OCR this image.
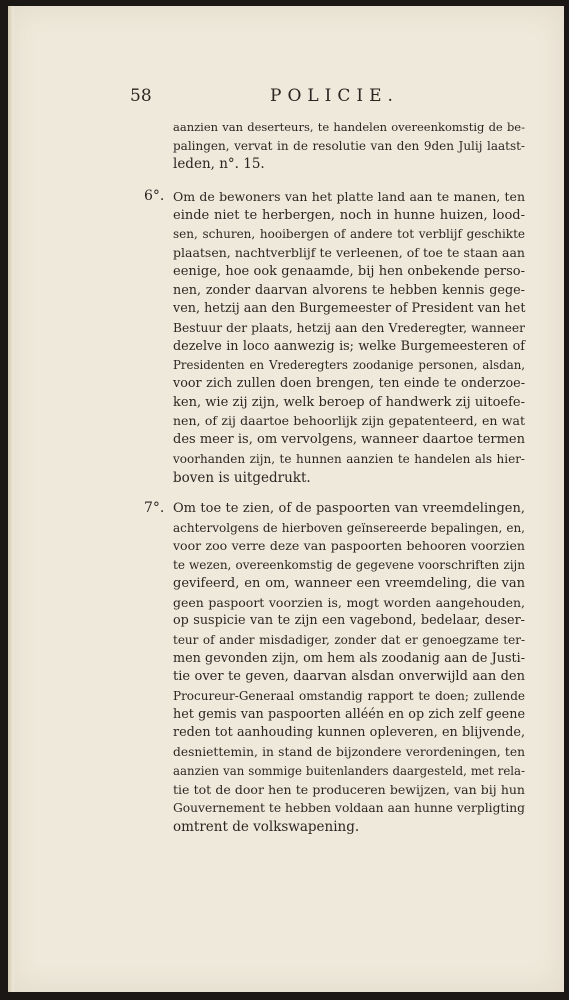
58	POLICIE.
aanzien van deserteurs, te handelen overeenkomstig de be-
palingen, vervat in de resolutie van den 9den Julij laatst-
leden, n°. 15.
6°. Om de bewoners van het platte land aan te manen, ten
einde niet te herbergen, noch in hunne huizen, lood-
sen, schuren, hooibergen of andere tot verblijf geschikte
plaatsen, nachtverblijf te verleenen, of toe te staan aan
eenige, hoe ook genaamde, bij hen onbekende perso-
nen, zonder daarvan alvorens te hebben kennis gege-
ven, hetzij aan den Burgemeester of President van het
Bestuur der plaats, hetzij aan den Vrederegter, wanneer
dezelve in loco aanwezig is; welke Burgemeesteren of
Presidenten en Vrederegters zoodanige personen, alsdan,
voor zich zullen doen brengen, ten einde te onderzoe-
ken, wie zij zijn, welk beroep of handwerk zij uitoefe-
nen, of zij daartoe behoorlijk zijn gepatenteerd, en wat
des meer is, om vervolgens, wanneer daartoe termen
voorhanden zijn, te hunnen aanzien te handelen als hier-
boven is uitgedrukt.
7°. Om toe te zien, of de paspoorten van vreemdelingen,
achtervolgens de hierboven geïnsereerde bepalingen, en,
voor zoo verre deze van paspoorten behooren voorzien
te wezen, overeenkomstig de gegevene voorschriften zijn
gevifeerd, en om, wanneer een vreemdeling, die van
geen paspoort voorzien is, mogt worden aangehouden,
op suspicie van te zijn een vagebond, bedelaar, deser-
teur of ander misdadiger, zonder dat er genoegzame ter-
men gevonden zijn, om hem als zoodanig aan de Justi-
tie over te geven, daarvan alsdan onverwijld aan den
Procureur-Generaal omstandig rapport te doen; zullende
het gemis van paspoorten alléén en op zich zelf geene
reden tot aanhouding kunnen opleveren, en blijvende,
desniettemin, in stand de bijzondere verordeningen, ten
aanzien van sommige buitenlanders daargesteld, met rela-
tie tot de door hen te produceren bewijzen, van bij hun
Gouvernement te hebben voldaan aan hunne verpligting
omtrent de volkswapening.
